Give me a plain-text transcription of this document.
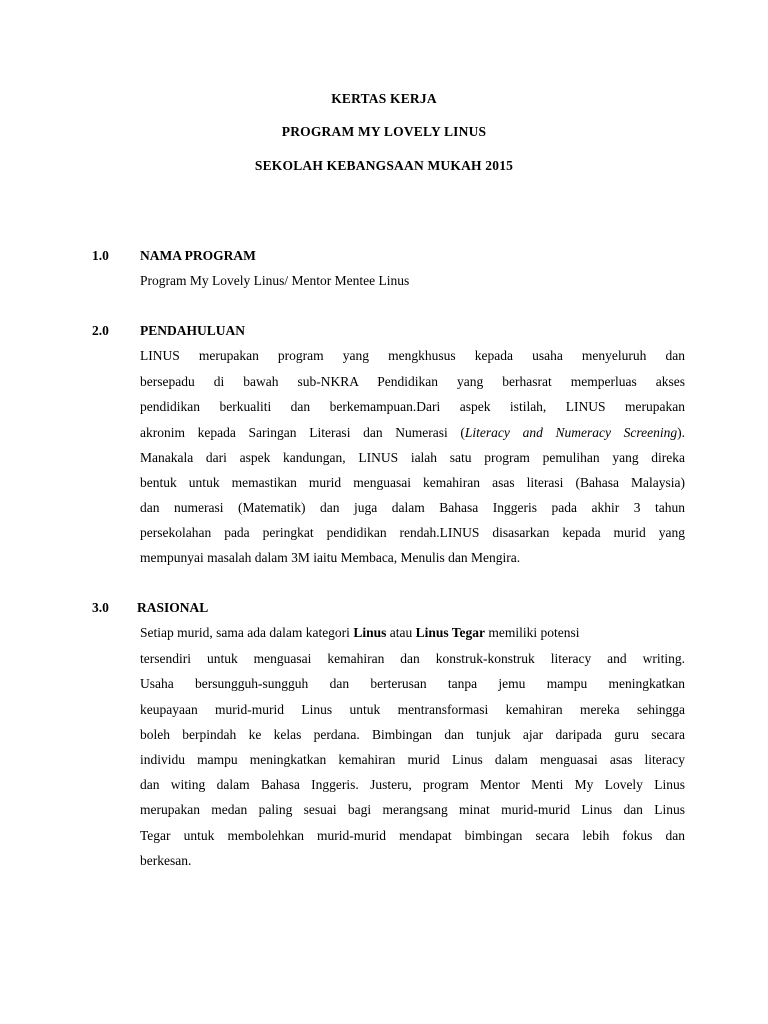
KERTAS KERJA
PROGRAM MY LOVELY LINUS
SEKOLAH KEBANGSAAN MUKAH 2015
1.0 NAMA PROGRAM
Program My Lovely Linus/ Mentor Mentee Linus
2.0 PENDAHULUAN
LINUS merupakan program yang mengkhusus kepada usaha menyeluruh dan
bersepadu di bawah sub-NKRA Pendidikan yang berhasrat memperluas akses
pendidikan berkualiti dan berkemampuan.Dari aspek istilah, LINUS merupakan
akronim kepada Saringan Literasi dan Numerasi (Literacy and Numeracy Screening).
Manakala dari aspek kandungan, LINUS ialah satu program pemulihan yang direka
bentuk untuk memastikan murid menguasai kemahiran asas literasi (Bahasa Malaysia)
dan numerasi (Matematik) dan juga dalam Bahasa Inggeris pada akhir 3 tahun
persekolahan pada peringkat pendidikan rendah.LINUS disasarkan kepada murid yang
mempunyai masalah dalam 3M iaitu Membaca, Menulis dan Mengira.
3.0 RASIONAL
Setiap murid, sama ada dalam kategori Linus atau Linus Tegar memiliki potensi
tersendiri untuk menguasai kemahiran dan konstruk-konstruk literacy and writing.
Usaha bersungguh-sungguh dan berterusan tanpa jemu mampu meningkatkan
keupayaan murid-murid Linus untuk mentransformasi kemahiran mereka sehingga
boleh berpindah ke kelas perdana. Bimbingan dan tunjuk ajar daripada guru secara
individu mampu meningkatkan kemahiran murid Linus dalam menguasai asas literacy
dan witing dalam Bahasa Inggeris. Justeru, program Mentor Menti My Lovely Linus
merupakan medan paling sesuai bagi merangsang minat murid-murid Linus dan Linus
Tegar untuk membolehkan murid-murid mendapat bimbingan secara lebih fokus dan
berkesan.
